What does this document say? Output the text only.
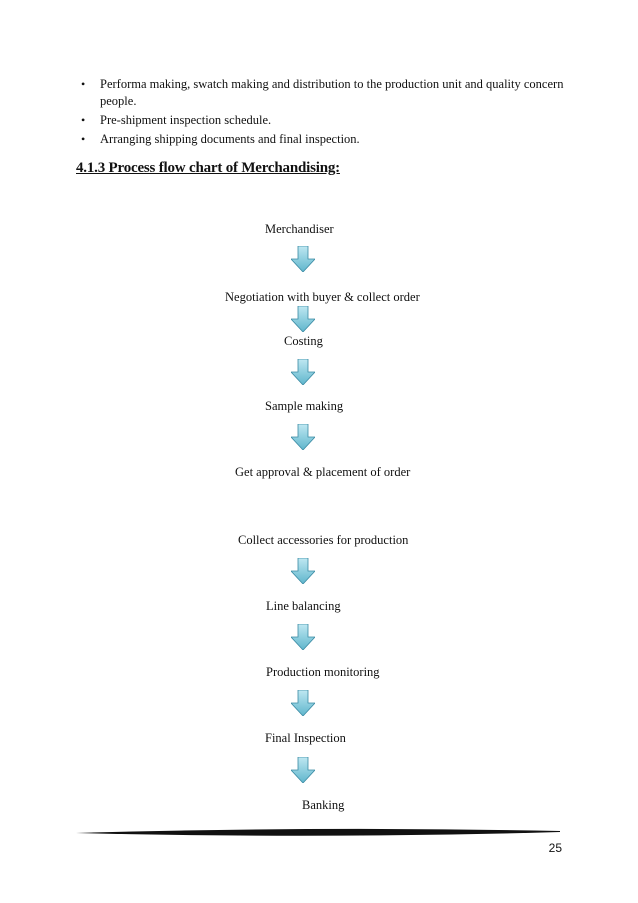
• Performa making, swatch making and distribution to the production unit and quality concern people.
• Pre-shipment inspection schedule.
• Arranging shipping documents and final inspection.
4.1.3 Process flow chart of Merchandising:
Merchandiser
Negotiation with buyer & collect order
Costing
Sample making
Get approval & placement of order
Collect accessories for production
Line balancing
Production monitoring
Final Inspection
Banking
25
